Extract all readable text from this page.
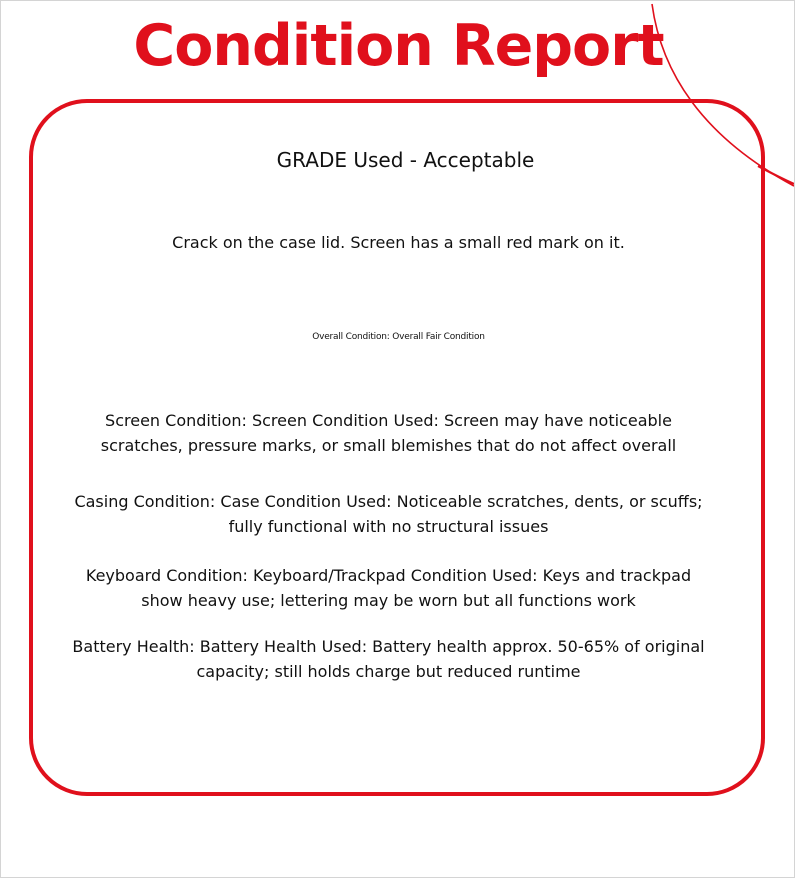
Condition Report
GRADE Used - Acceptable
Crack on the case lid. Screen has a small red mark on it.
Overall Condition: Overall Fair Condition
Screen Condition: Screen Condition Used: Screen may have noticeable scratches, pressure marks, or small blemishes that do not affect overall
Casing Condition: Case Condition Used: Noticeable scratches, dents, or scuffs; fully functional with no structural issues
Keyboard Condition: Keyboard/Trackpad Condition Used: Keys and trackpad show heavy use; lettering may be worn but all functions work
Battery Health: Battery Health Used: Battery health approx. 50-65% of original capacity; still holds charge but reduced runtime
